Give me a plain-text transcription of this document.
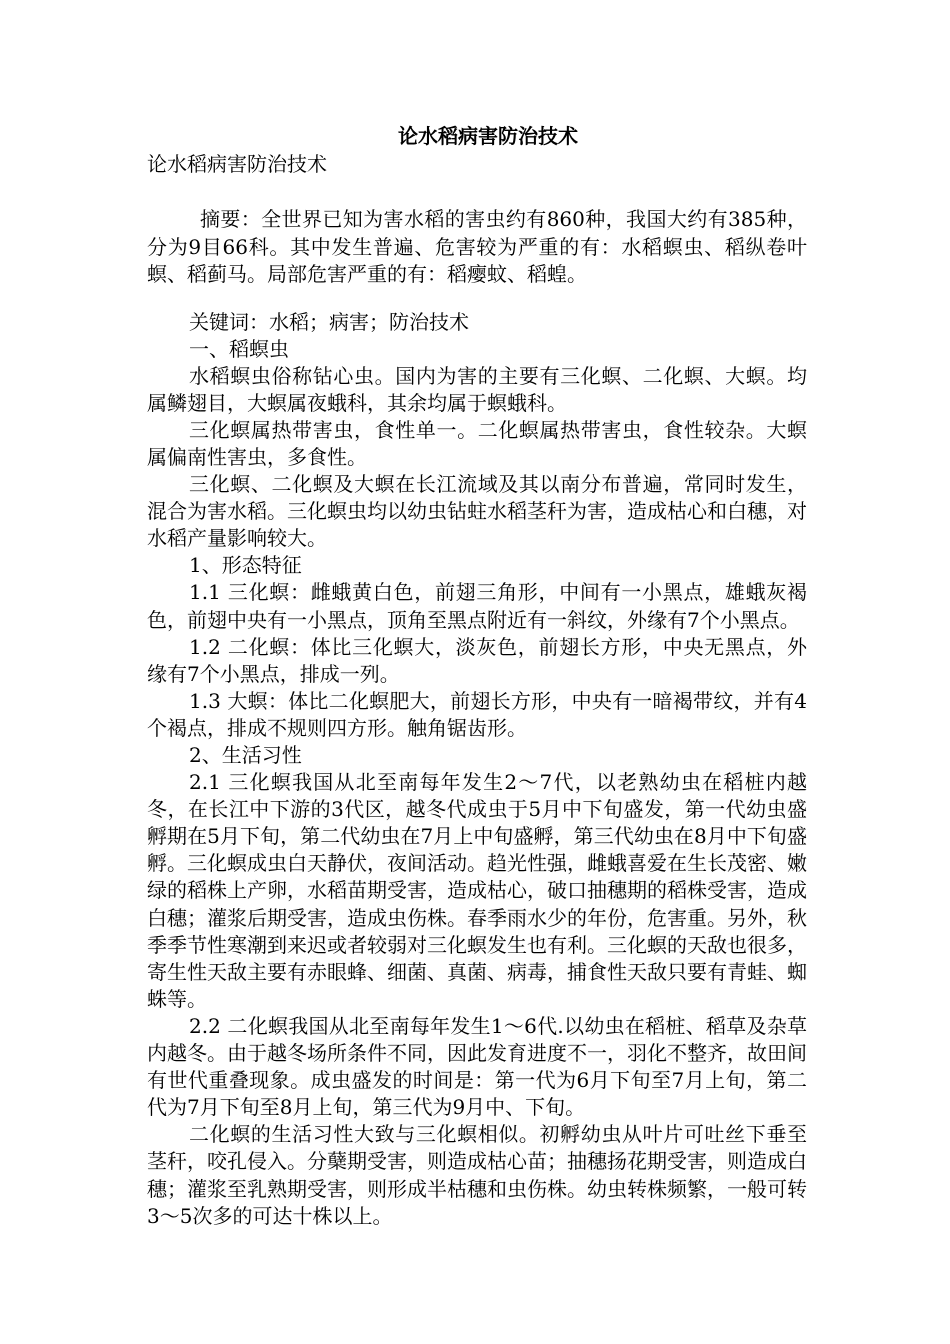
论水稻病害防治技术

论水稻病害防治技术

摘要：全世界已知为害水稻的害虫约有860种，我国大约有385种，分为9目66科。其中发生普遍、危害较为严重的有：水稻螟虫、稻纵卷叶螟、稻蓟马。局部危害严重的有：稻瘿蚊、稻蝗。

关键词：水稻；病害；防治技术

一、稻螟虫

水稻螟虫俗称钻心虫。国内为害的主要有三化螟、二化螟、大螟。均属鳞翅目，大螟属夜蛾科，其余均属于螟蛾科。

三化螟属热带害虫，食性单一。二化螟属热带害虫，食性较杂。大螟属偏南性害虫，多食性。

三化螟、二化螟及大螟在长江流域及其以南分布普遍，常同时发生，混合为害水稻。三化螟虫均以幼虫钻蛀水稻茎秆为害，造成枯心和白穗，对水稻产量影响较大。

1、形态特征

1.1 三化螟：雌蛾黄白色，前翅三角形，中间有一小黑点，雄蛾灰褐色，前翅中央有一小黑点，顶角至黑点附近有一斜纹，外缘有7个小黑点。

1.2 二化螟：体比三化螟大，淡灰色，前翅长方形，中央无黑点，外缘有7个小黑点，排成一列。

1.3 大螟：体比二化螟肥大，前翅长方形，中央有一暗褐带纹，并有4个褐点，排成不规则四方形。触角锯齿形。

2、生活习性

2.1 三化螟我国从北至南每年发生2～7代，以老熟幼虫在稻桩内越冬，在长江中下游的3代区，越冬代成虫于5月中下旬盛发，第一代幼虫盛孵期在5月下旬，第二代幼虫在7月上中旬盛孵，第三代幼虫在8月中下旬盛孵。三化螟成虫白天静伏，夜间活动。趋光性强，雌蛾喜爱在生长茂密、嫩绿的稻株上产卵，水稻苗期受害，造成枯心，破口抽穗期的稻株受害，造成白穗；灌浆后期受害，造成虫伤株。春季雨水少的年份，危害重。另外，秋季季节性寒潮到来迟或者较弱对三化螟发生也有利。三化螟的天敌也很多，寄生性天敌主要有赤眼蜂、细菌、真菌、病毒，捕食性天敌只要有青蛙、蜘蛛等。

2.2 二化螟我国从北至南每年发生1～6代.以幼虫在稻桩、稻草及杂草内越冬。由于越冬场所条件不同，因此发育进度不一，羽化不整齐，故田间有世代重叠现象。成虫盛发的时间是：第一代为6月下旬至7月上旬，第二代为7月下旬至8月上旬，第三代为9月中、下旬。

二化螟的生活习性大致与三化螟相似。初孵幼虫从叶片可吐丝下垂至茎秆，咬孔侵入。分蘖期受害，则造成枯心苗；抽穗扬花期受害，则造成白穗；灌浆至乳熟期受害，则形成半枯穗和虫伤株。幼虫转株频繁，一般可转3～5次多的可达十株以上。
